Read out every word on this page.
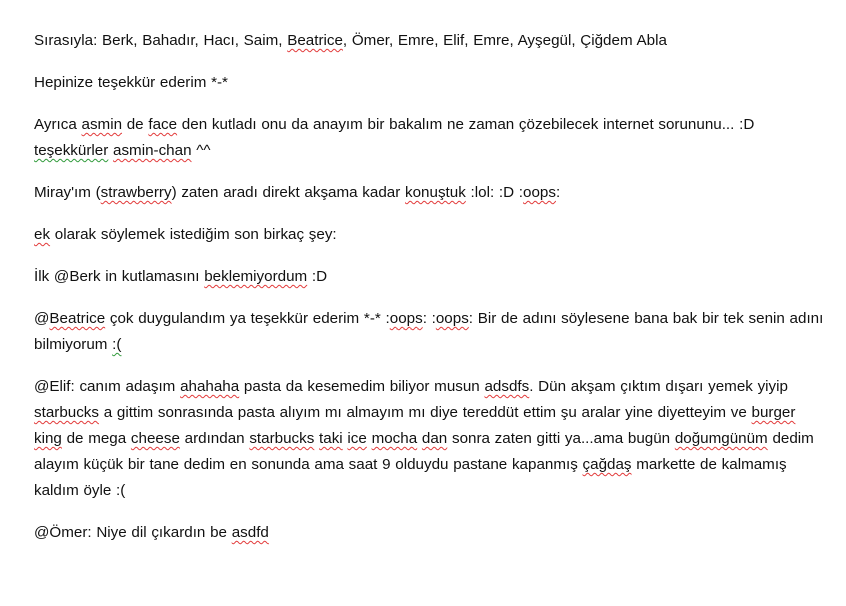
Sırasıyla: Berk, Bahadır, Hacı, Saim, Beatrice, Ömer, Emre, Elif, Emre, Ayşegül, Çiğdem Abla

Hepinize teşekkür ederim *-*

Ayrıca asmin de face den kutladı onu da anayım bir bakalım ne zaman çözebilecek internet sorununu... :D teşekkürler asmin-chan ^^

Miray'ım (strawberry) zaten aradı direkt akşama kadar konuştuk :lol: :D :oops:

ek olarak söylemek istediğim son birkaç şey:

İlk @Berk in kutlamasını beklemiyordum :D

@Beatrice çok duygulandım ya teşekkür ederim *-* :oops: :oops: Bir de adını söylesene bana bak bir tek senin adını bilmiyorum :(

@Elif: canım adaşım ahahaha pasta da kesemedim biliyor musun adsdfs. Dün akşam çıktım dışarı yemek yiyip starbucks a gittim sonrasında pasta alıyım mı almayım mı diye tereddüt ettim şu aralar yine diyetteyim ve burger king de mega cheese ardından starbucks taki ice mocha dan sonra zaten gitti ya...ama bugün doğumgünüm dedim alayım küçük bir tane dedim en sonunda ama saat 9 olduydu pastane kapanmış çağdaş markette de kalmamış kaldım öyle :(

@Ömer: Niye dil çıkardın be asdfd
